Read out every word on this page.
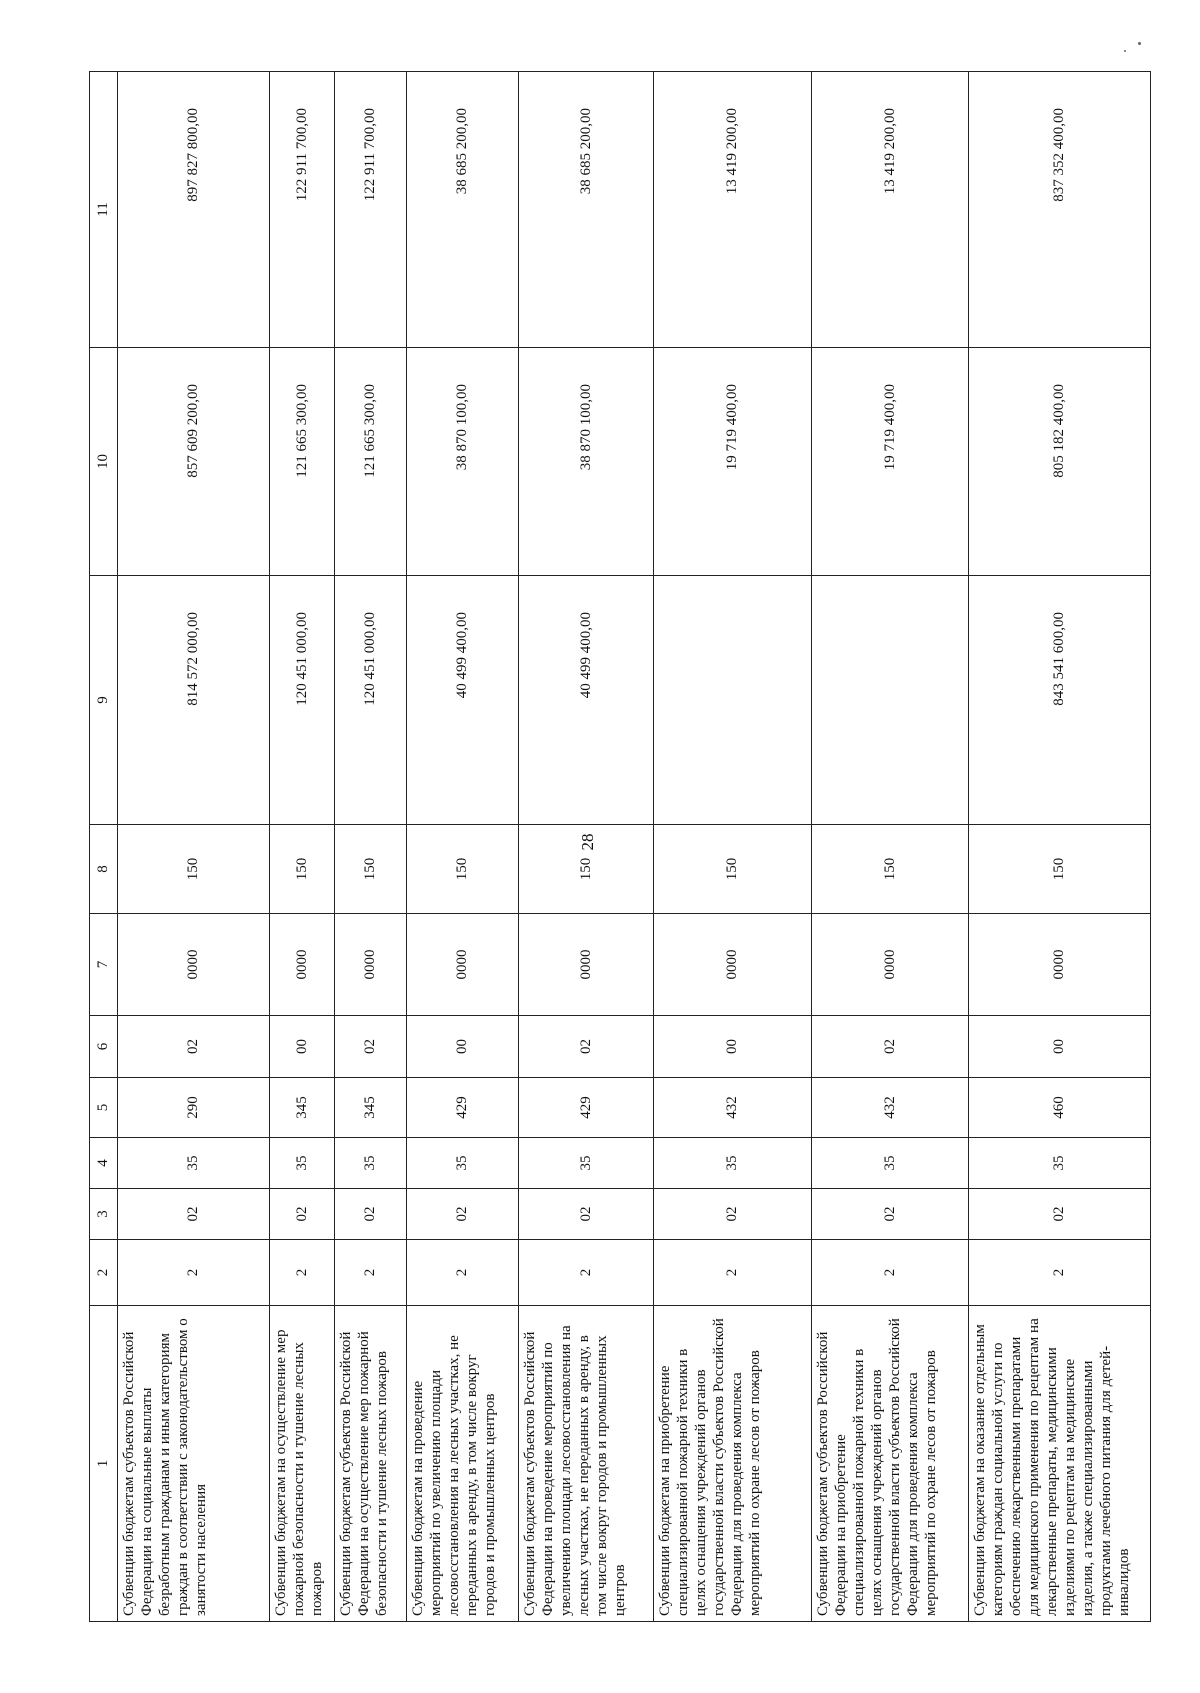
28
1	2	3	4	5	6	7	8	9	10	11
Субвенции бюджетам субъектов Российской Федерации на социальные выплаты безработным гражданам и иным категориям граждан в соответствии с законодательством о занятости населения	2	02	35	290	02	0000	150	814 572 000,00	857 609 200,00	897 827 800,00
Субвенции бюджетам на осуществление мер пожарной безопасности и тушение лесных пожаров	2	02	35	345	00	0000	150	120 451 000,00	121 665 300,00	122 911 700,00
Субвенции бюджетам субъектов Российской Федерации на осуществление мер пожарной безопасности и тушение лесных пожаров	2	02	35	345	02	0000	150	120 451 000,00	121 665 300,00	122 911 700,00
Субвенции бюджетам на проведение мероприятий по увеличению площади лесовосстановления на лесных участках, не переданных в аренду, в том числе вокруг городов и промышленных центров	2	02	35	429	00	0000	150	40 499 400,00	38 870 100,00	38 685 200,00
Субвенции бюджетам субъектов Российской Федерации на проведение мероприятий по увеличению площади лесовосстановления на лесных участках, не переданных в аренду, в том числе вокруг городов и промышленных центров	2	02	35	429	02	0000	150	40 499 400,00	38 870 100,00	38 685 200,00
Субвенции бюджетам на приобретение специализированной пожарной техники в целях оснащения учреждений органов государственной власти субъектов Российской Федерации для проведения комплекса мероприятий по охране лесов от пожаров	2	02	35	432	00	0000	150		19 719 400,00	13 419 200,00
Субвенции бюджетам субъектов Российской Федерации на приобретение специализированной пожарной техники в целях оснащения учреждений органов государственной власти субъектов Российской Федерации для проведения комплекса мероприятий по охране лесов от пожаров	2	02	35	432	02	0000	150		19 719 400,00	13 419 200,00
Субвенции бюджетам на оказание отдельным категориям граждан социальной услуги по обеспечению лекарственными препаратами для медицинского применения по рецептам на лекарственные препараты, медицинскими изделиями по рецептам на медицинские изделия, а также специализированными продуктами лечебного питания для детей-инвалидов	2	02	35	460	00	0000	150	843 541 600,00	805 182 400,00	837 352 400,00
